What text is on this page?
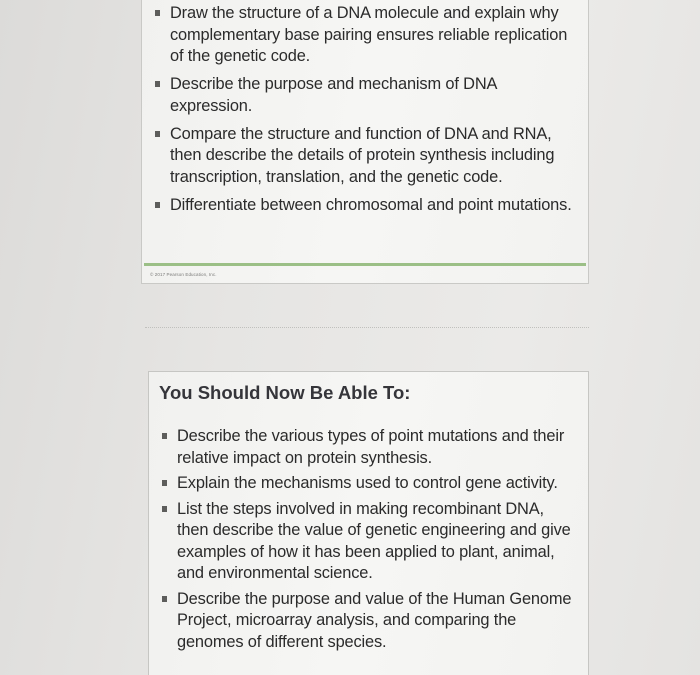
Draw the structure of a DNA molecule and explain why complementary base pairing ensures reliable replication of the genetic code.
Describe the purpose and mechanism of DNA expression.
Compare the structure and function of DNA and RNA, then describe the details of protein synthesis including transcription, translation, and the genetic code.
Differentiate between chromosomal and point mutations.
© 2017 Pearson Education, Inc.
You Should Now Be Able To:
Describe the various types of point mutations and their relative impact on protein synthesis.
Explain the mechanisms used to control gene activity.
List the steps involved in making recombinant DNA, then describe the value of genetic engineering and give examples of how it has been applied to plant, animal, and environmental science.
Describe the purpose and value of the Human Genome Project, microarray analysis, and comparing the genomes of different species.
